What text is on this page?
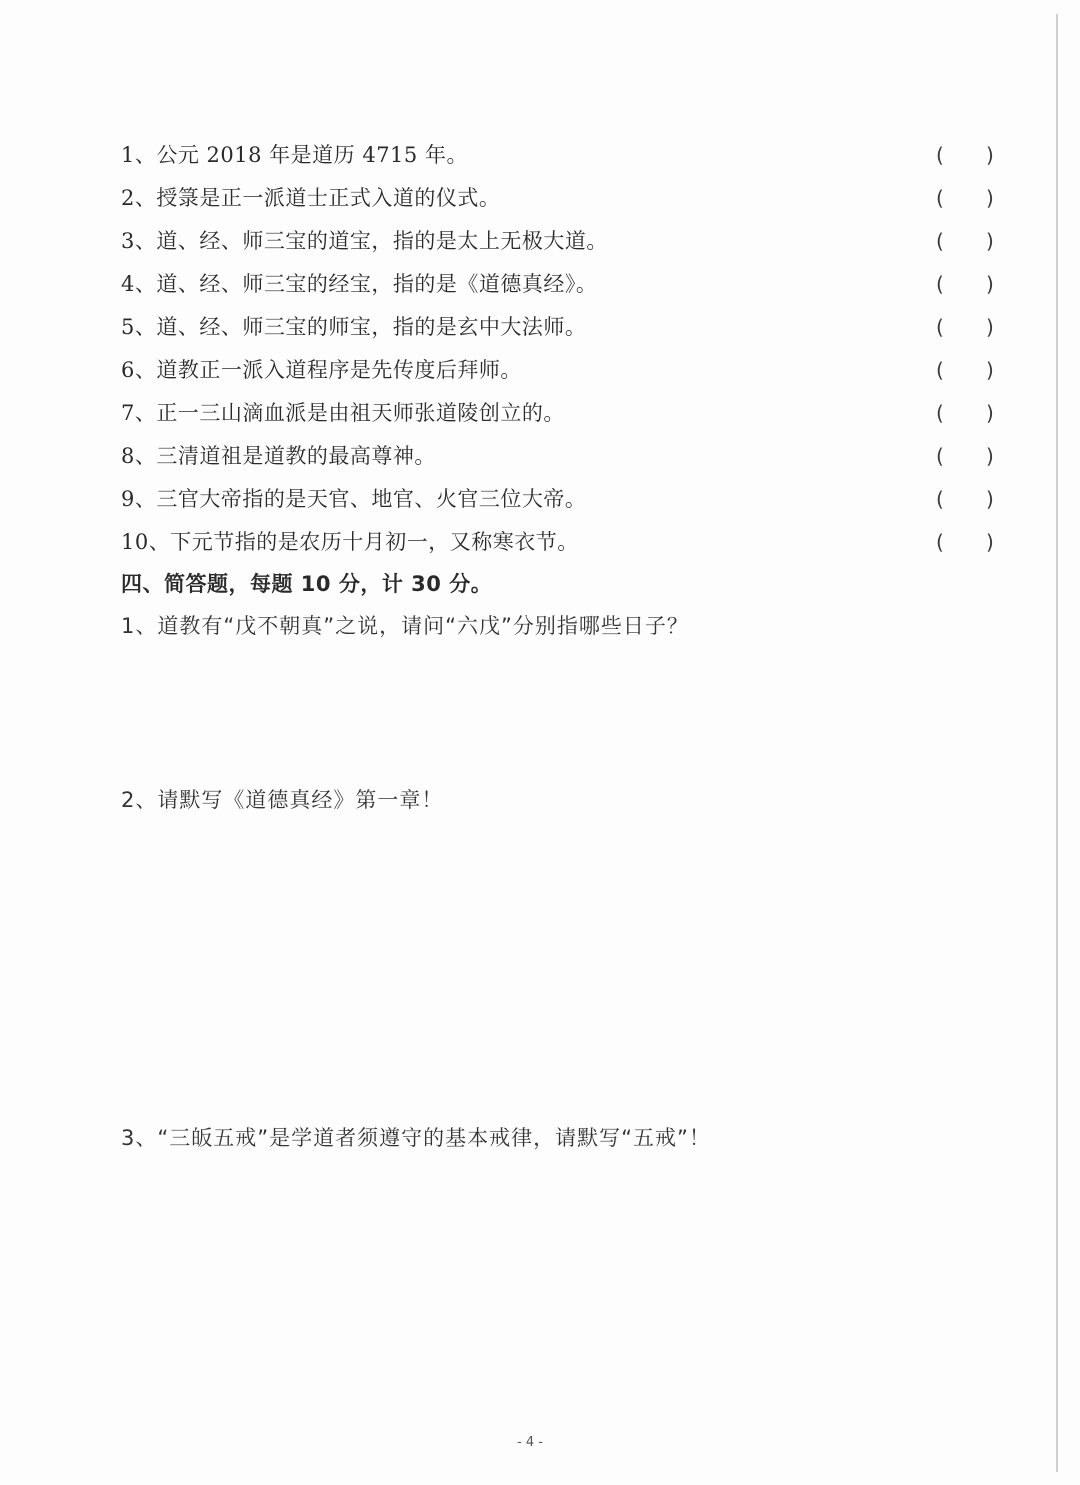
1、公元 2018 年是道历 4715 年。	( )
2、授箓是正一派道士正式入道的仪式。	( )
3、道、经、师三宝的道宝，指的是太上无极大道。	( )
4、道、经、师三宝的经宝，指的是《道德真经》。	( )
5、道、经、师三宝的师宝，指的是玄中大法师。	( )
6、道教正一派入道程序是先传度后拜师。	( )
7、正一三山滴血派是由祖天师张道陵创立的。	( )
8、三清道祖是道教的最高尊神。	( )
9、三官大帝指的是天官、地官、火官三位大帝。	( )
10、下元节指的是农历十月初一，又称寒衣节。	( )
四、简答题，每题 10 分，计 30 分。
1、道教有“戊不朝真”之说，请问“六戊”分别指哪些日子？
2、请默写《道德真经》第一章！
3、“三皈五戒”是学道者须遵守的基本戒律，请默写“五戒”！
- 4 -
